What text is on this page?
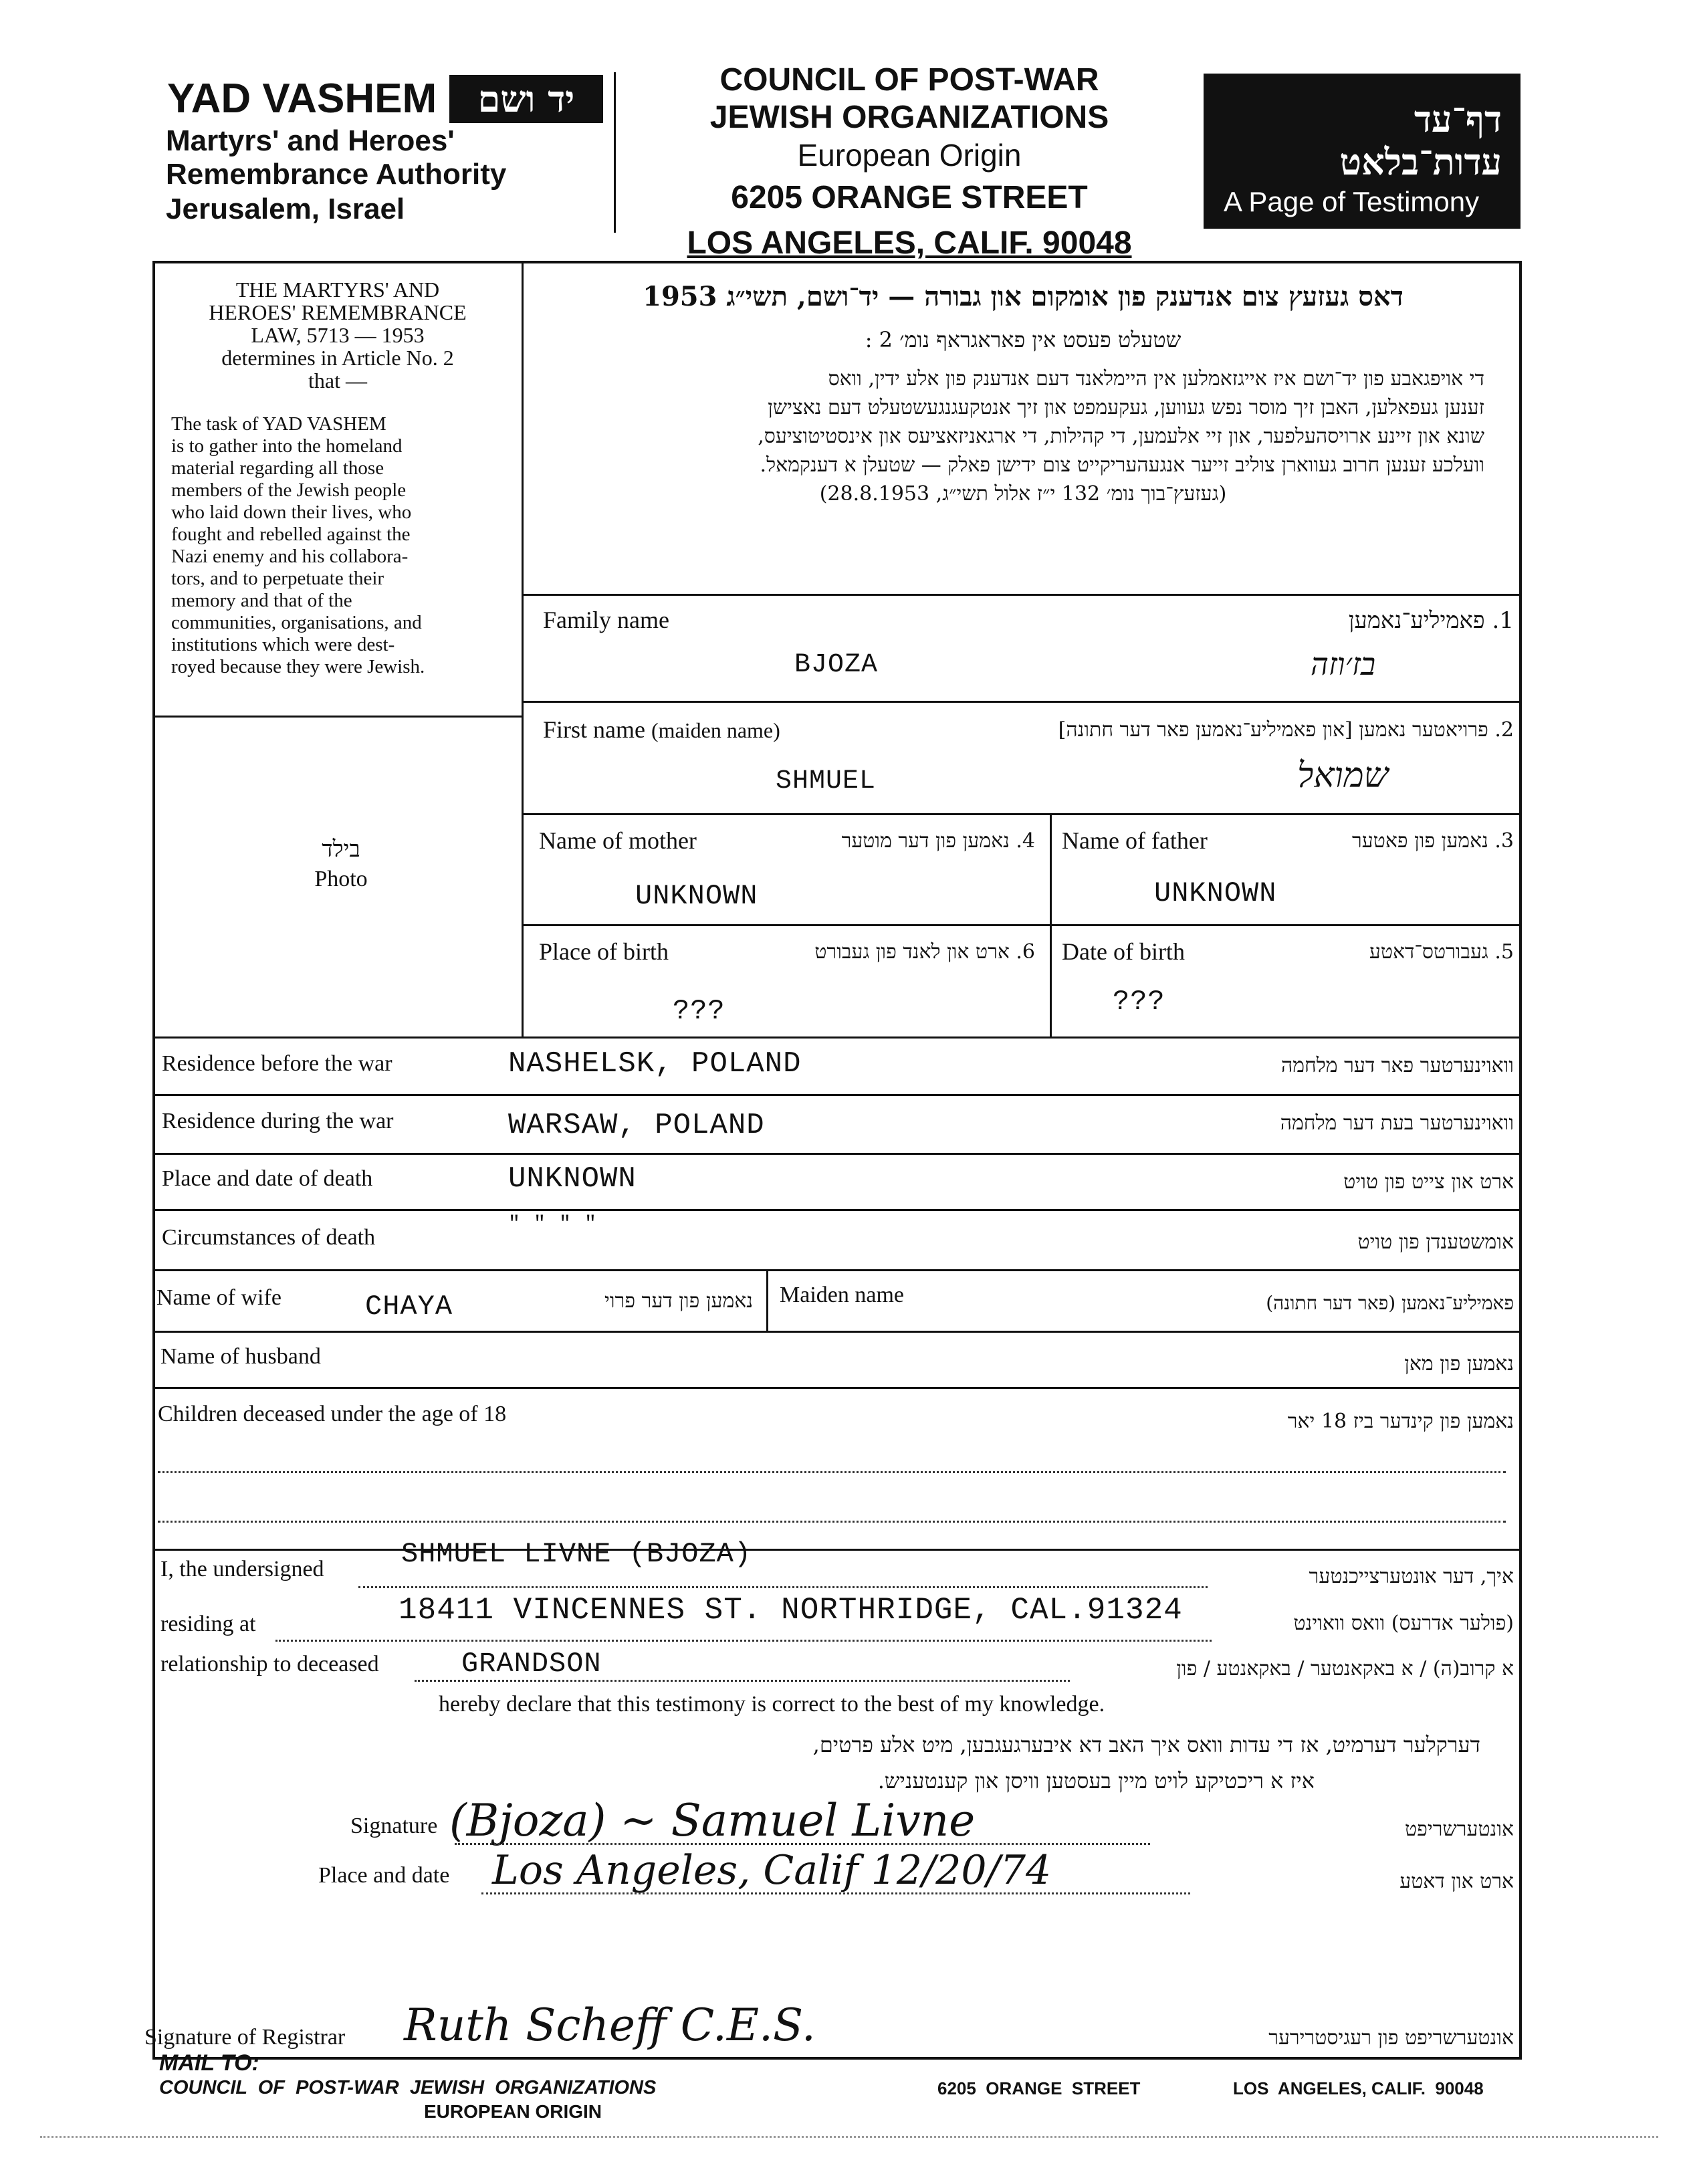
YAD VASHEM	יד ושם
Martyrs' and Heroes'
Remembrance Authority
Jerusalem, Israel
COUNCIL OF POST-WAR
JEWISH ORGANIZATIONS
European Origin
6205 ORANGE STREET
LOS ANGELES, CALIF. 90048
דף־עד
עדות־בלאט
A Page of Testimony
THE MARTYRS' AND
HEROES' REMEMBRANCE
LAW, 5713 — 1953
determines in Article No. 2
that —
The task of YAD VASHEM
is to gather into the homeland
material regarding all those
members of the Jewish people
who laid down their lives, who
fought and rebelled against the
Nazi enemy and his collabora-
tors, and to perpetuate their
memory and that of the
communities, organisations, and
institutions which were dest-
royed because they were Jewish.
בילד
Photo
דאס געזעץ צום אנדענק פון אומקום און גבורה — יד־ושם, תשי״ג 1953
שטעלט פעסט אין פאראגראף נומ׳ 2 :
די אויפגאבע פון יד־ושם איז אייגזאמלען אין היימלאנד דעם אנדענק פון אלע ידין, וואס
זענען געפאלען, האבן זיך מוסר נפש געווען, געקעמפט און זיך אנטקעגנגעשטעלט דעם נאצישן
שונא און זיינע ארויסהעלפער, און זיי אלעמען, די קהילות, די ארגאניזאציעס און אינסטיטוציעס,
וועלכע זענען חרוב געווארן צוליב זייער אנגעהעריקייט צום ידישן פאלק — שטעלן א דענקמאל.
(געזעץ־בוך נומ׳ 132 י״ז אלול תשי״ג, 28.8.1953)
Family name	1. פאמיליע־נאמען
BJOZA	בז׳וזה
First name (maiden name)	2. פרויאטער נאמען [און פאמיליע־נאמען פאר דער חתונה]
SHMUEL	שמואל
Name of mother	4. נאמען פון דער מוטער
UNKNOWN
Name of father	3. נאמען פון פאטער
UNKNOWN
Place of birth	6. ארט און לאנד פון געבורט
???
Date of birth	5. געבורטס־דאטע
???
Residence before the war	NASHELSK, POLAND	וואוינערטער פאר דער מלחמה
Residence during the war	WARSAW, POLAND	וואוינערטער בעת דער מלחמה
Place and date of death	UNKNOWN	ארט און צייט פון טויט
Circumstances of death
" " " "
אומשטענדן פון טויט
Name of wife	CHAYA	נאמען פון דער פרוי Maiden name	פאמיליע־נאמען (פאר דער חתונה)
Name of husband	נאמען פון מאן
Children deceased under the age of 18	נאמען פון קינדער ביז 18 יאר
I, the undersigned	SHMUEL LIVNE (BJOZA)
איך, דער אונטערצייכנטער
residing at	18411 VINCENNES ST. NORTHRIDGE, CAL.91324	(פולער אדרעס) וואס וואוינט
relationship to deceased	GRANDSON	א קרוב(ה) / א באקאנטער / באקאנטע / פון
hereby declare that this testimony is correct to the best of my knowledge.
דערקלער דערמיט, אז די עדות וואס איך האב דא איבערגעגבען, מיט אלע פרטים,
איז א ריכטיקע לויט מיין בעסטען וויסן און קענטעניש.
Signature (Bjoza) ~ Samuel Livne	אונטערשריפט
Place and date Los Angeles, Calif 12/20/74	ארט און דאטע
Signature of Registrar Ruth Scheff C.E.S.	אונטערשריפט פון רעגיסטרירער
MAIL TO:
COUNCIL  OF  POST-WAR  JEWISH  ORGANIZATIONS	6205  ORANGE  STREET	LOS  ANGELES, CALIF.  90048
EUROPEAN ORIGIN
